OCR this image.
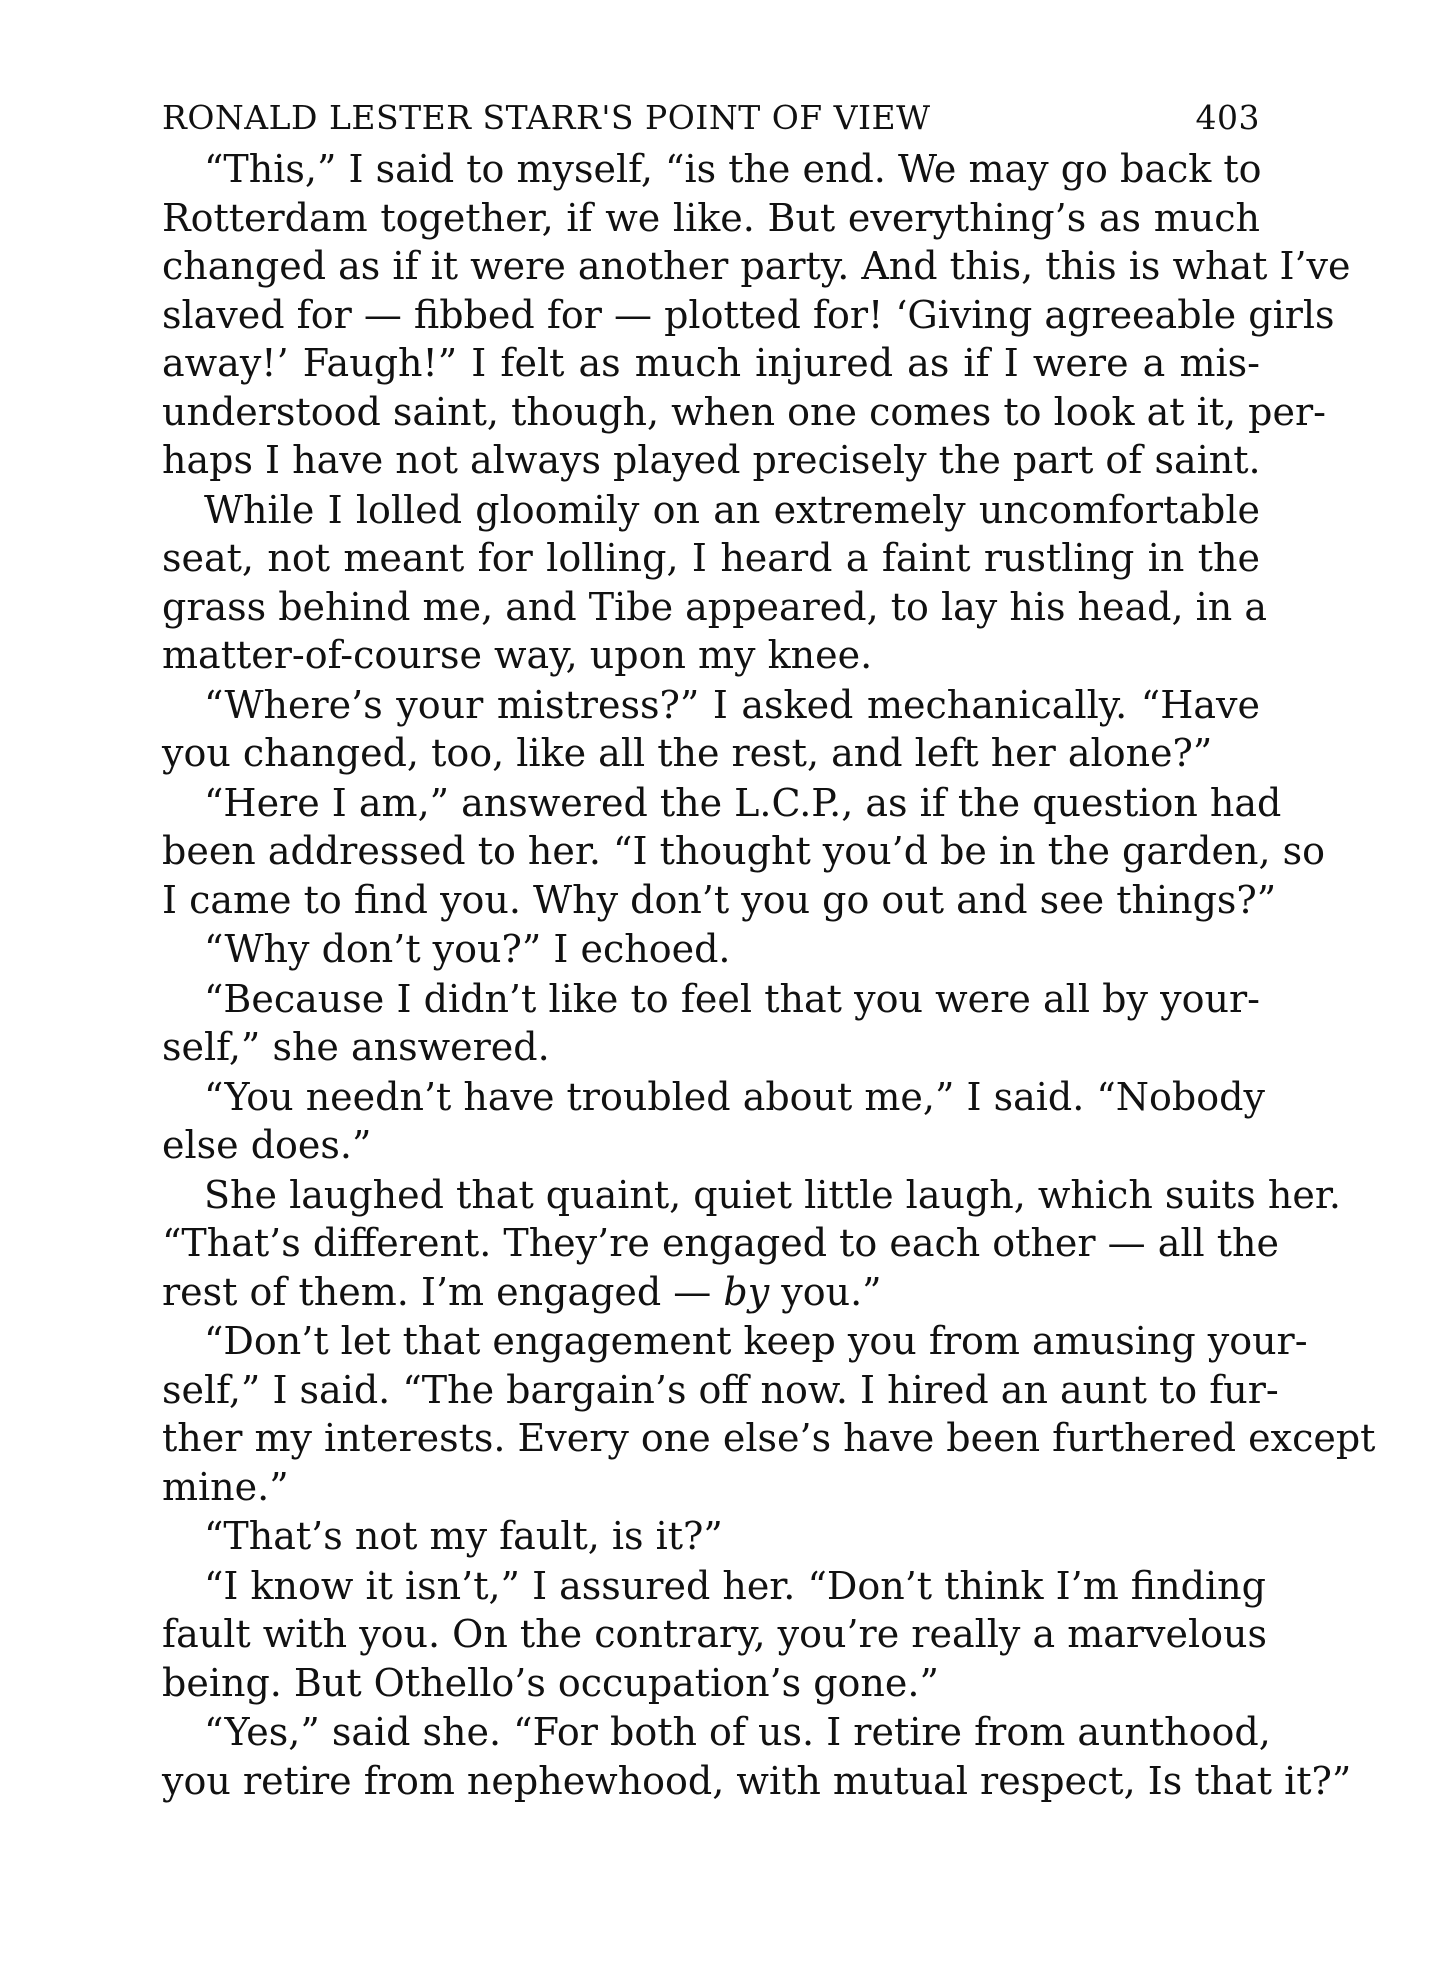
RONALD LESTER STARR'S POINT OF VIEW	403
“This,” I said to myself, “is the end. We may go back to
Rotterdam together, if we like. But everything’s as much
changed as if it were another party. And this, this is what I’ve
slaved for — fibbed for — plotted for! ‘Giving agreeable girls
away!’ Faugh!” I felt as much injured as if I were a mis-
understood saint, though, when one comes to look at it, per-
haps I have not always played precisely the part of saint.
While I lolled gloomily on an extremely uncomfortable
seat, not meant for lolling, I heard a faint rustling in the
grass behind me, and Tibe appeared, to lay his head, in a
matter-of-course way, upon my knee.
“Where’s your mistress?” I asked mechanically. “Have
you changed, too, like all the rest, and left her alone?”
“Here I am,” answered the L.C.P., as if the question had
been addressed to her. “I thought you’d be in the garden, so
I came to find you. Why don’t you go out and see things?”
“Why don’t you?” I echoed.
“Because I didn’t like to feel that you were all by your-
self,” she answered.
“You needn’t have troubled about me,” I said. “Nobody
else does.”
She laughed that quaint, quiet little laugh, which suits her.
“That’s different. They’re engaged to each other — all the
rest of them. I’m engaged — by you.”
“Don’t let that engagement keep you from amusing your-
self,” I said. “The bargain’s off now. I hired an aunt to fur-
ther my interests. Every one else’s have been furthered except
mine.”
“That’s not my fault, is it?”
“I know it isn’t,” I assured her. “Don’t think I’m finding
fault with you. On the contrary, you’re really a marvelous
being. But Othello’s occupation’s gone.”
“Yes,” said she. “For both of us. I retire from aunthood,
you retire from nephewhood, with mutual respect, Is that it?”
